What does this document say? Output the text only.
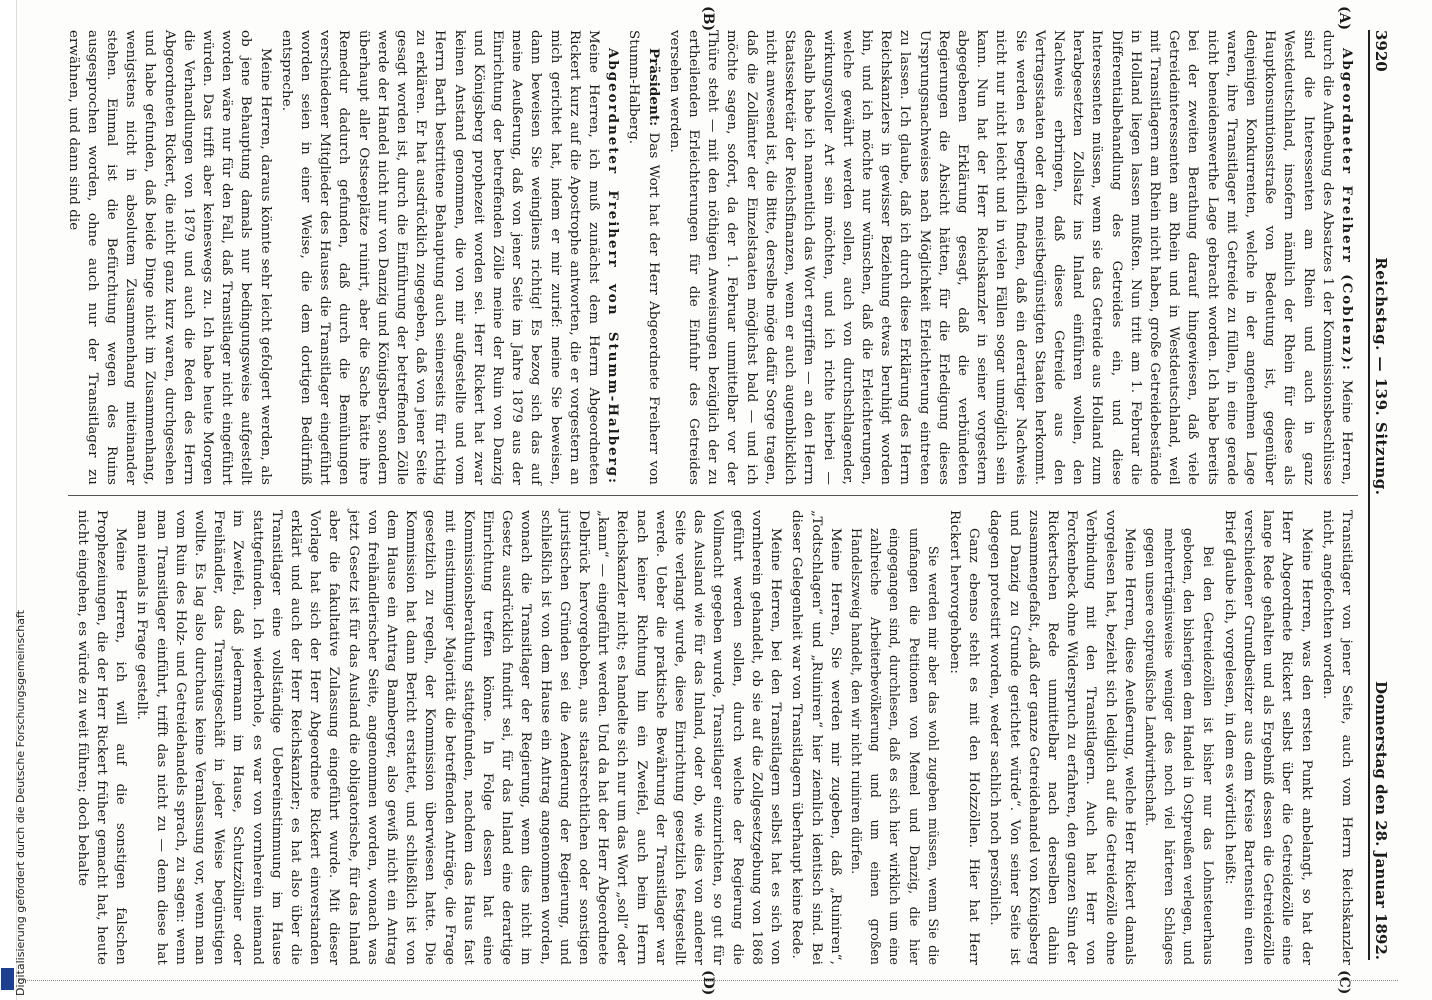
3920
Reichstag. — 139. Sitzung.
Donnerstag den 28. Januar 1892.
(A)
(B)
(C)
(D)

Abgeordneter Freiherr (Coblenz): Meine Herren, durch die Aufhebung des Absatzes 1 der Kommissionsbeschlüsse sind die Interessenten am Rhein und auch in ganz Westdeutschland, insofern nämlich der Rhein für diese als Hauptkonsumtionsstraße von Bedeutung ist, gegenüber denjenigen Konkurrenten, welche in der angenehmen Lage waren, ihre Transitlager mit Getreide zu füllen, in eine gerade nicht beneidenswerthe Lage gebracht worden. Ich habe bereits bei der zweiten Berathung darauf hingewiesen, daß viele Getreideinteressenten am Rhein und in Westdeutschland, weil mit Transitlagern am Rhein nicht haben, große Getreidebestände in Holland liegen lassen mußten. Nun tritt am 1. Februar die Differentialbehandlung des Getreides ein, und diese Interessenten müssen, wenn sie das Getreide aus Holland zum herabgesetzten Zollsatz ins Inland einführen wollen, den Nachweis erbringen, daß dieses Getreide aus den Vertragsstaaten oder den meistbegünstigten Staaten herkommt. Sie werden es begreiflich finden, daß ein derartiger Nachweis nicht nur nicht leicht und in vielen Fällen sogar unmöglich sein kann. Nun hat der Herr Reichskanzler in seiner vorgestern abgegebenen Erklärung gesagt, daß die verbündeten Regierungen die Absicht hätten, für die Erledigung dieses Ursprungsnachweises nach Möglichkeit Erleichterung eintreten zu lassen. Ich glaube, daß ich durch diese Erklärung des Herrn Reichskanzlers in gewisser Beziehung etwas beruhigt worden bin, und ich möchte nur wünschen, daß die Erleichterungen, welche gewährt werden sollen, auch von durchschlagender, wirkungsvoller Art sein möchten, und ich richte hierbei — deshalb habe ich namentlich das Wort ergriffen — an den Herrn Staatssekretär der Reichsfinanzen, wenn er auch augenblicklich nicht anwesend ist, die Bitte, derselbe möge dafür Sorge tragen, daß die Zollämter der Einzelstaaten möglichst bald — und ich möchte sagen, sofort, da der 1. Februar unmittelbar vor der Thüre steht — mit den nöthigen Anweisungen bezüglich der zu ertheilenden Erleichterungen für die Einfuhr des Getreides versehen werden.

Präsident: Das Wort hat der Herr Abgeordnete Freiherr von Stumm-Halberg.

Abgeordneter Freiherr von Stumm-Halberg: Meine Herren, ich muß zunächst dem Herrn Abgeordneten Rickert kurz auf die Apostrophe antworten, die er vorgestern an mich gerichtet hat, indem er mir zurief: meine Sie beweisen, dann beweisen Sie weingliens richtig! Es bezog sich das auf meine Aeußerung, daß von jener Seite im Jahre 1879 aus der Einrichtung der betreffenden Zölle meine der Ruin von Danzig und Königsberg prophezeit worden sei. Herr Rickert hat zwar keinen Anstand genommen, die von mir aufgestellte und vom Herrn Barth bestrittene Behauptung auch seinerseits für richtig zu erklären. Er hat ausdrücklich zugegeben, daß von jener Seite gesagt worden ist, durch die Einführung der betreffenden Zölle werde der Handel nicht nur von Danzig und Königsberg, sondern überhaupt aller Ostseeplätze ruinirt, aber die Sache hätte ihre Remedur dadurch gefunden, daß durch die Bemühungen verschiedener Mitglieder des Hauses die Transitlager eingeführt worden seien in einer Weise, die dem dortigen Bedürfniß entspreche.

Meine Herren, daraus könnte sehr leicht gefolgert werden, als ob jene Behauptung damals nur bedingungsweise aufgestellt worden wäre nur für den Fall, daß Transitlager nicht eingeführt würden. Das trifft aber keineswegs zu. Ich habe heute Morgen die Verhandlungen von 1879 und auch die Reden des Herrn Abgeordneten Rickert, die nicht ganz kurz waren, durchgesehen und habe gefunden, daß beide Dinge nicht im Zusammenhang, wenigstens nicht in absolutem Zusammenhang miteinander stehen. Einmal ist die Befürchtung wegen des Ruins ausgesprochen worden, ohne auch nur der Transitlager zu erwähnen, und dann sind die

Transitlager von jener Seite, auch vom Herrn Reichskanzler nicht, angefochten worden.

Meine Herren, was den ersten Punkt anbelangt, so hat der Herr Abgeordnete Rickert selbst über die Getreidezölle eine lange Rede gehalten und als Ergebniß dessen die Getreidezölle verschiedener Grundbesitzer aus dem Kreise Bartenstein einen Brief glaube ich, vorgelesen, in dem es wörtlich heißt:

Bei den Getreidezöllen ist bisher nur das Lohnsteuerhaus geboten, den bisherigen dem Handel in Ostpreußen verlegen, und mehrerträgnisweise weniger des noch viel härteren Schlages gegen unsere ostpreußische Landwirthschaft.

Meine Herren, diese Aeußerung, welche Herr Rickert damals vorgelesen hat, bezieht sich lediglich auf die Getreidezölle ohne Verbindung mit den Transitlagern. Auch hat Herr von Forckenbeck ohne Widerspruch zu erfahren, den ganzen Sinn der Rickertschen Rede unmittelbar nach derselben dahin zusammengefaßt, „daß der ganze Getreidehandel von Königsberg und Danzig zu Grunde gerichtet würde“. Von seiner Seite ist dagegen protestirt worden, weder sachlich noch persönlich.

Ganz ebenso steht es mit den Holzzöllen. Hier hat Herr Rickert hervorgehoben:

Sie werden mir aber das wohl zugeben müssen, wenn Sie die umfangen die Petitionen von Memel und Danzig, die hier eingegangen sind, durchlesen, daß es sich hier wirklich um eine zahlreiche Arbeiterbevölkerung und um einen großen Handelszweig handelt, den wir nicht ruiniren dürfen.

Meine Herren, Sie werden mir zugeben, daß „Ruiniren“, „Todtschlagen“ und „Ruiniren“ hier ziemlich identisch sind. Bei dieser Gelegenheit war von Transitlagern überhaupt keine Rede.

Meine Herren, bei den Transitlagern selbst hat es sich von vornherein gehandelt, ob sie auf die Zollgesetzgebung von 1868 geführt werden sollen, durch welche der Regierung die Vollmacht gegeben wurde, Transitlager einzurichten, so gut für das Ausland wie für das Inland, oder ob, wie dies von anderer Seite verlangt wurde, diese Einrichtung gesetzlich festgestellt werde. Ueber die praktische Bewährung der Transitlager war nach keiner Richtung hin ein Zweifel, auch beim Herrn Reichskanzler nicht; es handelte sich nur um das Wort „soll“ oder „kann“ — eingeführt werden. Und da hat der Herr Abgeordnete Delbrück hervorgehoben, aus staatsrechtlichen oder sonstigen juristischen Gründen sei die Aenderung der Regierung, und schließlich ist von dem Hause ein Antrag angenommen worden, wonach die Transitlager der Regierung, wenn dies nicht im Gesetz ausdrücklich fundirt sei, für das Inland eine derartige Einrichtung treffen könne. In Folge dessen hat eine Kommissionsberathung stattgefunden, nachdem das Haus fast mit einstimmiger Majorität die betreffenden Anträge, die Frage gesetzlich zu regeln, der Kommission überwiesen hatte. Die Kommission hat dann Bericht erstattet, und schließlich ist von dem Hause ein Antrag Bamberger, also gewiß nicht ein Antrag von freihändlerischer Seite, angenommen worden, wonach was jetzt Gesetz ist für das Ausland die obligatorische, für das Inland aber die fakultative Zulassung eingeführt wurde. Mit dieser Vorlage hat sich der Herr Abgeordnete Rickert einverstanden erklärt und auch der Herr Reichskanzler; es hat also über die Transitlager eine vollständige Uebereinstimmung im Hause stattgefunden. Ich wiederhole, es war von vornherein niemand im Zweifel, daß jedermann im Hause, Schutzzöllner oder Freihändler, das Transitgeschäft in jeder Weise begünstigen wollte. Es lag also durchaus keine Veranlassung vor, wenn man vom Ruin des Holz- und Getreidehandels sprach, zu sagen: wenn man Transitlager einführt, trifft das nicht zu — denn diese hat man niemals in Frage gestellt.

Meine Herren, ich will auf die sonstigen falschen Prophezeiungen, die der Herr Rickert früher gemacht hat, heute nicht eingehen, es würde zu weit führen; doch behalte

Digitalisierung gefördert durch die Deutsche Forschungsgemeinschaft
